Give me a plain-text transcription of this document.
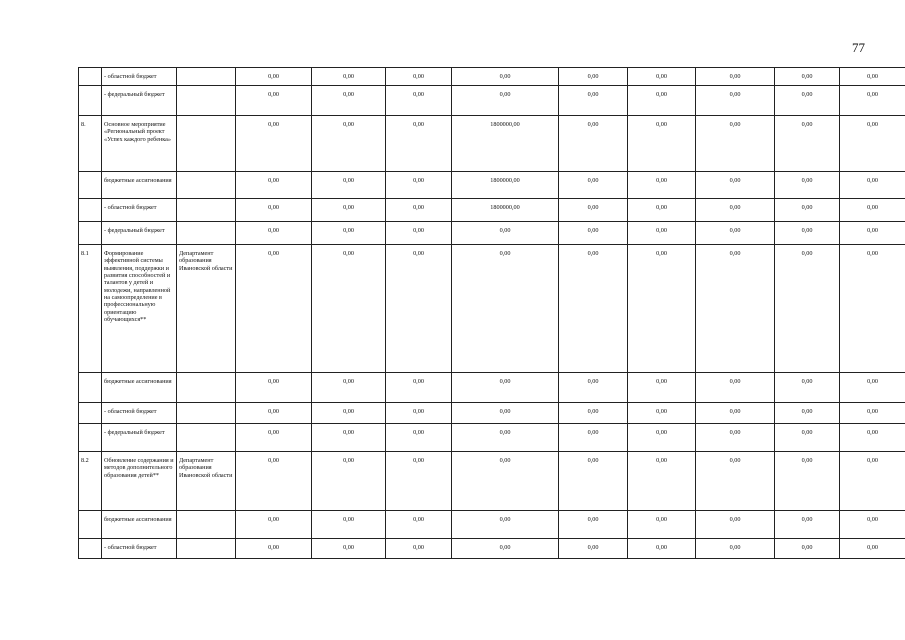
77
	- областной бюджет		0,00	0,00	0,00	0,00	0,00	0,00	0,00	0,00	0,00
	- федеральный бюджет		0,00	0,00	0,00	0,00	0,00	0,00	0,00	0,00	0,00
8.	Основное мероприятие «Региональный проект «Успех каждого ребенка»		0,00	0,00	0,00	1800000,00	0,00	0,00	0,00	0,00	0,00
	бюджетные ассигнования		0,00	0,00	0,00	1800000,00	0,00	0,00	0,00	0,00	0,00
	- областной бюджет		0,00	0,00	0,00	1800000,00	0,00	0,00	0,00	0,00	0,00
	- федеральный бюджет		0,00	0,00	0,00	0,00	0,00	0,00	0,00	0,00	0,00
8.1	Формирование эффективной системы выявления, поддержки и развития способностей и талантов у детей и молодежи, направленной на самоопределение в профессиональную ориентацию обучающихся**	Департамент образования Ивановской области	0,00	0,00	0,00	0,00	0,00	0,00	0,00	0,00	0,00
	бюджетные ассигнования		0,00	0,00	0,00	0,00	0,00	0,00	0,00	0,00	0,00
	- областной бюджет		0,00	0,00	0,00	0,00	0,00	0,00	0,00	0,00	0,00
	- федеральный бюджет		0,00	0,00	0,00	0,00	0,00	0,00	0,00	0,00	0,00
8.2	Обновление содержания и методов дополнительного образования детей**	Департамент образования Ивановской области	0,00	0,00	0,00	0,00	0,00	0,00	0,00	0,00	0,00
	бюджетные ассигнования		0,00	0,00	0,00	0,00	0,00	0,00	0,00	0,00	0,00
	- областной бюджет		0,00	0,00	0,00	0,00	0,00	0,00	0,00	0,00	0,00
